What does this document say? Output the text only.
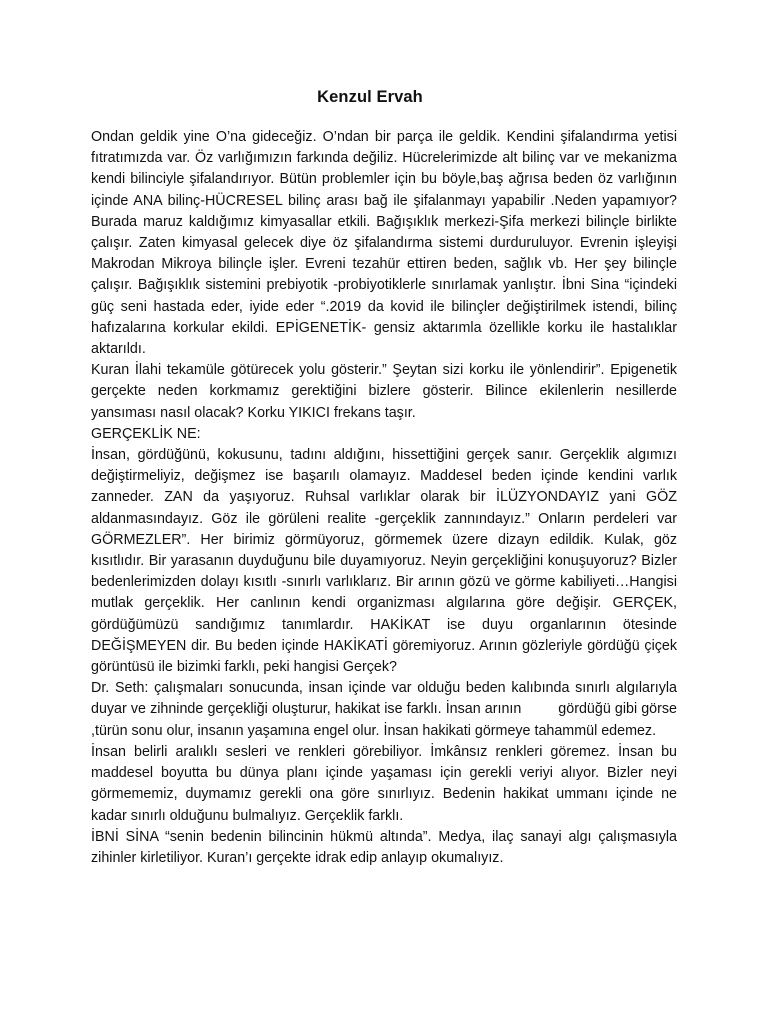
Kenzul Ervah

Ondan geldik yine O’na gideceğiz. O’ndan bir parça ile geldik. Kendini şifalandırma yetisi fıtratımızda var. Öz varlığımızın farkında değiliz. Hücrelerimizde alt bilinç var ve mekanizma kendi bilinciyle şifalandırıyor. Bütün problemler için bu böyle,baş ağrısa beden öz varlığının içinde ANA bilinç-HÜCRESEL bilinç arası bağ ile şifalanmayı yapabilir .Neden yapamıyor? Burada maruz kaldığımız kimyasallar etkili. Bağışıklık merkezi-Şifa merkezi bilinçle birlikte çalışır. Zaten kimyasal gelecek diye öz şifalandırma sistemi durduruluyor. Evrenin işleyişi Makrodan Mikroya bilinçle işler. Evreni tezahür ettiren beden, sağlık vb. Her şey bilinçle çalışır. Bağışıklık sistemini prebiyotik -probiyotiklerle sınırlamak yanlıştır. İbni Sina “içindeki güç seni hastada eder, iyide eder “.2019 da kovid ile bilinçler değiştirilmek istendi, bilinç hafızalarına korkular ekildi. EPİGENETİK- gensiz aktarımla özellikle korku ile hastalıklar aktarıldı.

Kuran İlahi tekamüle götürecek yolu gösterir.” Şeytan sizi korku ile yönlendirir”. Epigenetik gerçekte neden korkmamız gerektiğini bizlere gösterir. Bilince ekilenlerin nesillerde yansıması nasıl olacak? Korku YIKICI frekans taşır.

GERÇEKLİK NE:

İnsan, gördüğünü, kokusunu, tadını aldığını, hissettiğini gerçek sanır. Gerçeklik algımızı değiştirmeliyiz, değişmez ise başarılı olamayız. Maddesel beden içinde kendini varlık zanneder. ZAN da yaşıyoruz. Ruhsal varlıklar olarak bir İLÜZYONDAYIZ yani GÖZ aldanmasındayız. Göz ile görüleni realite -gerçeklik zannındayız.” Onların perdeleri var GÖRMEZLER”. Her birimiz görmüyoruz, görmemek üzere dizayn edildik. Kulak, göz kısıtlıdır. Bir yarasanın duyduğunu bile duyamıyoruz. Neyin gerçekliğini konuşuyoruz? Bizler bedenlerimizden dolayı kısıtlı -sınırlı varlıklarız. Bir arının gözü ve görme kabiliyeti…Hangisi mutlak gerçeklik. Her canlının kendi organizması algılarına göre değişir. GERÇEK, gördüğümüzü sandığımız tanımlardır. HAKİKAT ise duyu organlarının ötesinde DEĞİŞMEYEN dir. Bu beden içinde HAKİKATİ göremiyoruz. Arının gözleriyle gördüğü çiçek görüntüsü ile bizimki farklı, peki hangisi Gerçek?

Dr. Seth: çalışmaları sonucunda, insan içinde var olduğu beden kalıbında sınırlı algılarıyla duyar ve zihninde gerçekliği oluşturur, hakikat ise farklı. İnsan arının         gördüğü gibi görse ,türün sonu olur, insanın yaşamına engel olur. İnsan hakikati görmeye tahammül edemez.

İnsan belirli aralıklı sesleri ve renkleri görebiliyor. İmkânsız renkleri göremez. İnsan bu maddesel boyutta bu dünya planı içinde yaşaması için gerekli veriyi alıyor. Bizler neyi görmememiz, duymamız gerekli ona göre sınırlıyız. Bedenin hakikat ummanı içinde ne kadar sınırlı olduğunu bulmalıyız. Gerçeklik farklı.

İBNİ SİNA “senin bedenin bilincinin hükmü altında”. Medya, ilaç sanayi algı çalışmasıyla zihinler kirletiliyor. Kuran’ı gerçekte idrak edip anlayıp okumalıyız.
